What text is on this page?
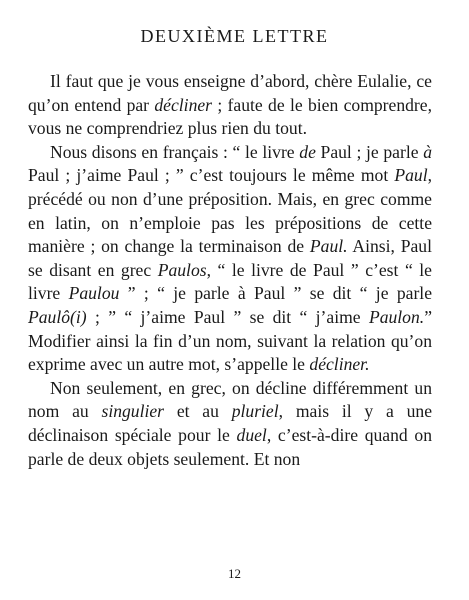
DEUXIÈME LETTRE

Il faut que je vous enseigne d’abord, chère Eulalie, ce qu’on entend par décliner ; faute de le bien comprendre, vous ne comprendriez plus rien du tout.

Nous disons en français : “ le livre de Paul ; je parle à Paul ; j’aime Paul ; ” c’est toujours le même mot Paul, précédé ou non d’une préposition. Mais, en grec comme en latin, on n’emploie pas les prépositions de cette manière ; on change la terminaison de Paul. Ainsi, Paul se disant en grec Paulos, “ le livre de Paul ” c’est “ le livre Paulou ” ; “ je parle à Paul ” se dit “ je parle Paulô(i) ; ” “ j’aime Paul ” se dit “ j’aime Paulon.” Modifier ainsi la fin d’un nom, suivant la relation qu’on exprime avec un autre mot, s’appelle le décliner.

Non seulement, en grec, on décline différemment un nom au singulier et au pluriel, mais il y a une déclinaison spéciale pour le duel, c’est-à-dire quand on parle de deux objets seulement. Et non

12
